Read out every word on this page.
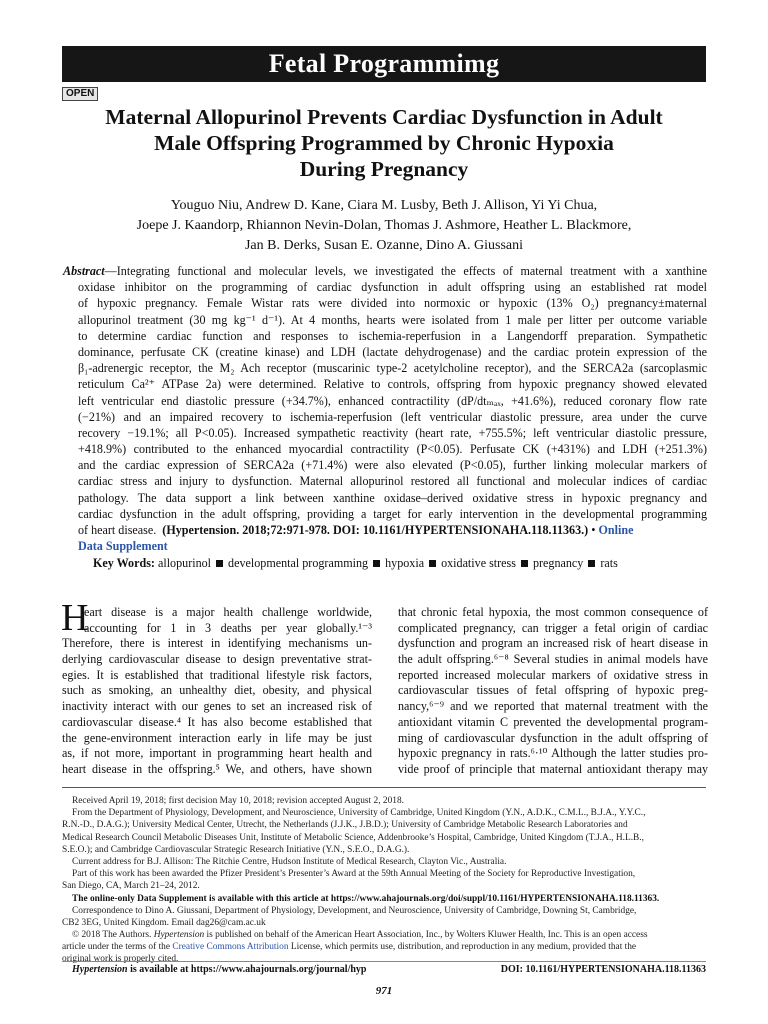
Fetal Programmimg
OPEN
Maternal Allopurinol Prevents Cardiac Dysfunction in Adult
Male Offspring Programmed by Chronic Hypoxia
During Pregnancy
Youguo Niu, Andrew D. Kane, Ciara M. Lusby, Beth J. Allison, Yi Yi Chua,
Joepe J. Kaandorp, Rhiannon Nevin-Dolan, Thomas J. Ashmore, Heather L. Blackmore,
Jan B. Derks, Susan E. Ozanne, Dino A. Giussani
Abstract—Integrating functional and molecular levels, we investigated the effects of maternal treatment with a xanthine
oxidase inhibitor on the programming of cardiac dysfunction in adult offspring using an established rat model
of hypoxic pregnancy. Female Wistar rats were divided into normoxic or hypoxic (13% O₂) pregnancy±maternal
allopurinol treatment (30 mg kg⁻¹ d⁻¹). At 4 months, hearts were isolated from 1 male per litter per outcome variable
to determine cardiac function and responses to ischemia-reperfusion in a Langendorff preparation. Sympathetic
dominance, perfusate CK (creatine kinase) and LDH (lactate dehydrogenase) and the cardiac protein expression of the
β₁-adrenergic receptor, the M₂ Ach receptor (muscarinic type-2 acetylcholine receptor), and the SERCA2a (sarcoplasmic
reticulum Ca²⁺ ATPase 2a) were determined. Relative to controls, offspring from hypoxic pregnancy showed elevated
left ventricular end diastolic pressure (+34.7%), enhanced contractility (dP/dtₘₐₓ, +41.6%), reduced coronary flow rate
(−21%) and an impaired recovery to ischemia-reperfusion (left ventricular diastolic pressure, area under the curve
recovery −19.1%; all P<0.05). Increased sympathetic reactivity (heart rate, +755.5%; left ventricular diastolic pressure,
+418.9%) contributed to the enhanced myocardial contractility (P<0.05). Perfusate CK (+431%) and LDH (+251.3%)
and the cardiac expression of SERCA2a (+71.4%) were also elevated (P<0.05), further linking molecular markers of
cardiac stress and injury to dysfunction. Maternal allopurinol restored all functional and molecular indices of cardiac
pathology. The data support a link between xanthine oxidase–derived oxidative stress in hypoxic pregnancy and
cardiac dysfunction in the adult offspring, providing a target for early intervention in the developmental programming
of heart disease. (Hypertension. 2018;72:971-978. DOI: 10.1161/HYPERTENSIONAHA.118.11363.) • Online
Data Supplement
Key Words: allopurinol developmental programming hypoxia oxidative stress pregnancy rats
H
eart disease is a major health challenge worldwide,
accounting for 1 in 3 deaths per year globally.¹⁻³
Therefore, there is interest in identifying mechanisms un-
derlying cardiovascular disease to design preventative strat-
egies. It is established that traditional lifestyle risk factors,
such as smoking, an unhealthy diet, obesity, and physical
inactivity interact with our genes to set an increased risk of
cardiovascular disease.⁴ It has also become established that
the gene-environment interaction early in life may be just
as, if not more, important in programming heart health and
heart disease in the offspring.⁵ We, and others, have shown
that chronic fetal hypoxia, the most common consequence of
complicated pregnancy, can trigger a fetal origin of cardiac
dysfunction and program an increased risk of heart disease in
the adult offspring.⁶⁻⁸ Several studies in animal models have
reported increased molecular markers of oxidative stress in
cardiovascular tissues of fetal offspring of hypoxic preg-
nancy,⁶⁻⁹ and we reported that maternal treatment with the
antioxidant vitamin C prevented the developmental program-
ming of cardiovascular dysfunction in the adult offspring of
hypoxic pregnancy in rats.⁶·¹⁰ Although the latter studies pro-
vide proof of principle that maternal antioxidant therapy may
Received April 19, 2018; first decision May 10, 2018; revision accepted August 2, 2018.
From the Department of Physiology, Development, and Neuroscience, University of Cambridge, United Kingdom (Y.N., A.D.K., C.M.L., B.J.A., Y.Y.C.,
R.N.-D., D.A.G.); University Medical Center, Utrecht, the Netherlands (J.J.K., J.B.D.); University of Cambridge Metabolic Research Laboratories and
Medical Research Council Metabolic Diseases Unit, Institute of Metabolic Science, Addenbrooke’s Hospital, Cambridge, United Kingdom (T.J.A., H.L.B.,
S.E.O.); and Cambridge Cardiovascular Strategic Research Initiative (Y.N., S.E.O., D.A.G.).
Current address for B.J. Allison: The Ritchie Centre, Hudson Institute of Medical Research, Clayton Vic., Australia.
Part of this work has been awarded the Pfizer President’s Presenter’s Award at the 59th Annual Meeting of the Society for Reproductive Investigation,
San Diego, CA, March 21–24, 2012.
The online-only Data Supplement is available with this article at https://www.ahajournals.org/doi/suppl/10.1161/HYPERTENSIONAHA.118.11363.
Correspondence to Dino A. Giussani, Department of Physiology, Development, and Neuroscience, University of Cambridge, Downing St, Cambridge,
CB2 3EG, United Kingdom. Email dag26@cam.ac.uk
© 2018 The Authors. Hypertension is published on behalf of the American Heart Association, Inc., by Wolters Kluwer Health, Inc. This is an open access
article under the terms of the Creative Commons Attribution License, which permits use, distribution, and reproduction in any medium, provided that the
original work is properly cited.
Hypertension is available at https://www.ahajournals.org/journal/hyp	DOI: 10.1161/HYPERTENSIONAHA.118.11363
971
